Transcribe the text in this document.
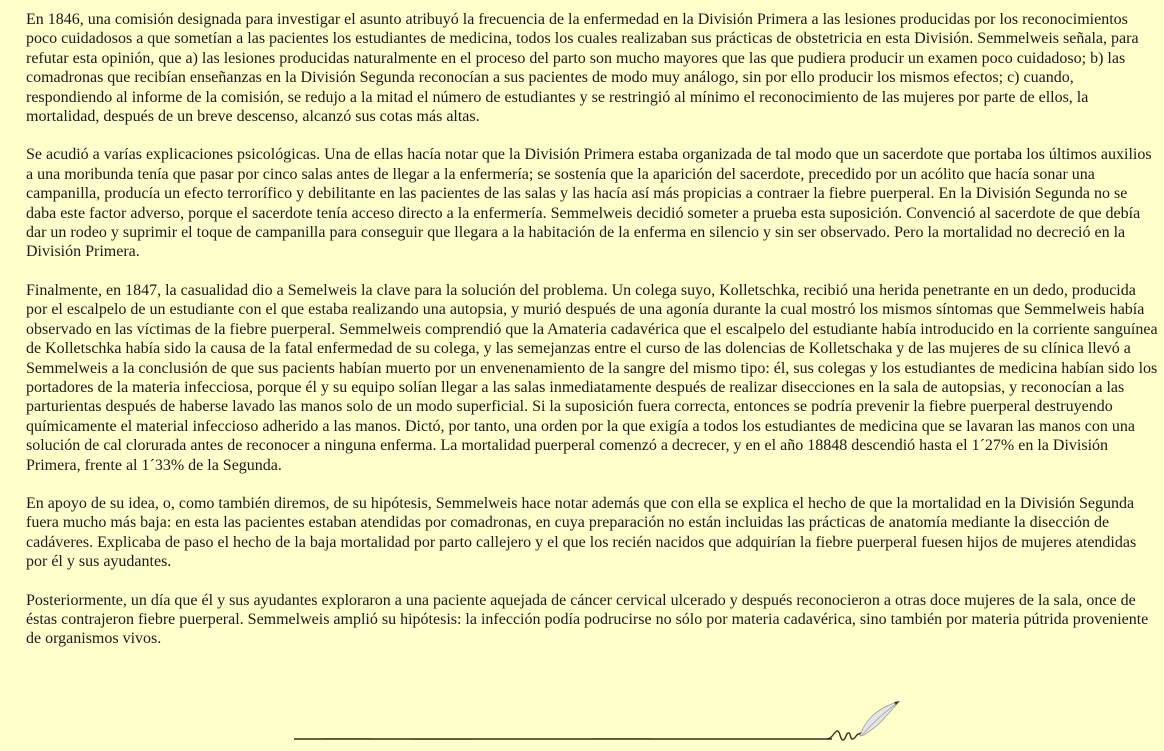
En 1846, una comisión designada para investigar el asunto atribuyó la frecuencia de la enfermedad en la División Primera a las lesiones producidas por los reconocimientos poco cuidadosos a que sometían a las pacientes los estudiantes de medicina, todos los cuales realizaban sus prácticas de obstetricia en esta División. Semmelweis señala, para refutar esta opinión, que a) las lesiones producidas naturalmente en el proceso del parto son mucho mayores que las que pudiera producir un examen poco cuidadoso; b) las comadronas que recibían enseñanzas en la División Segunda reconocían a sus pacientes de modo muy análogo, sin por ello producir los mismos efectos; c) cuando, respondiendo al informe de la comisión, se redujo a la mitad el número de estudiantes y se restringió al mínimo el reconocimiento de las mujeres por parte de ellos, la mortalidad, después de un breve descenso, alcanzó sus cotas más altas.

Se acudió a varías explicaciones psicológicas. Una de ellas hacía notar que la División Primera estaba organizada de tal modo que un sacerdote que portaba los últimos auxilios a una moribunda tenía que pasar por cinco salas antes de llegar a la enfermería; se sostenía que la aparición del sacerdote, precedido por un acólito que hacía sonar una campanilla, producía un efecto terrorífico y debilitante en las pacientes de las salas y las hacía así más propicias a contraer la fiebre puerperal. En la División Segunda no se daba este factor adverso, porque el sacerdote tenía acceso directo a la enfermería. Semmelweis decidió someter a prueba esta suposición. Convenció al sacerdote de que debía dar un rodeo y suprimir el toque de campanilla para conseguir que llegara a la habitación de la enferma en silencio y sin ser observado. Pero la mortalidad no decreció en la División Primera.

Finalmente, en 1847, la casualidad dio a Semelweis la clave para la solución del problema. Un colega suyo, Kolletschka, recibió una herida penetrante en un dedo, producida por el escalpelo de un estudiante con el que estaba realizando una autopsia, y murió después de una agonía durante la cual mostró los mismos síntomas que Semmelweis había observado en las víctimas de la fiebre puerperal. Semmelweis comprendió que la Amateria cadavérica que el escalpelo del estudiante había introducido en la corriente sanguínea de Kolletschka había sido la causa de la fatal enfermedad de su colega, y las semejanzas entre el curso de las dolencias de Kolletschaka y de las mujeres de su clínica llevó a Semmelweis a la conclusión de que sus pacients habían muerto por un envenenamiento de la sangre del mismo tipo: él, sus colegas y los estudiantes de medicina habían sido los portadores de la materia infecciosa, porque él y su equipo solían llegar a las salas inmediatamente después de realizar disecciones en la sala de autopsias, y reconocían a las parturientas después de haberse lavado las manos solo de un modo superficial. Si la suposición fuera correcta, entonces se podría prevenir la fiebre puerperal destruyendo químicamente el material infeccioso adherido a las manos. Dictó, por tanto, una orden por la que exigía a todos los estudiantes de medicina que se lavaran las manos con una solución de cal clorurada antes de reconocer a ninguna enferma. La mortalidad puerperal comenzó a decrecer, y en el año 18848 descendió hasta el 1´27% en la División Primera, frente al 1´33% de la Segunda.

En apoyo de su idea, o, como también diremos, de su hipótesis, Semmelweis hace notar además que con ella se explica el hecho de que la mortalidad en la División Segunda fuera mucho más baja: en esta las pacientes estaban atendidas por comadronas, en cuya preparación no están incluidas las prácticas de anatomía mediante la disección de cadáveres. Explicaba de paso el hecho de la baja mortalidad por parto callejero y el que los recién nacidos que adquirían la fiebre puerperal fuesen hijos de mujeres atendidas por él y sus ayudantes.

Posteriormente, un día que él y sus ayudantes exploraron a una paciente aquejada de cáncer cervical ulcerado y después reconocieron a otras doce mujeres de la sala, once de éstas contrajeron fiebre puerperal. Semmelweis amplió su hipótesis: la infección podía podrucirse no sólo por materia cadavérica, sino también por materia pútrida proveniente de organismos vivos.
